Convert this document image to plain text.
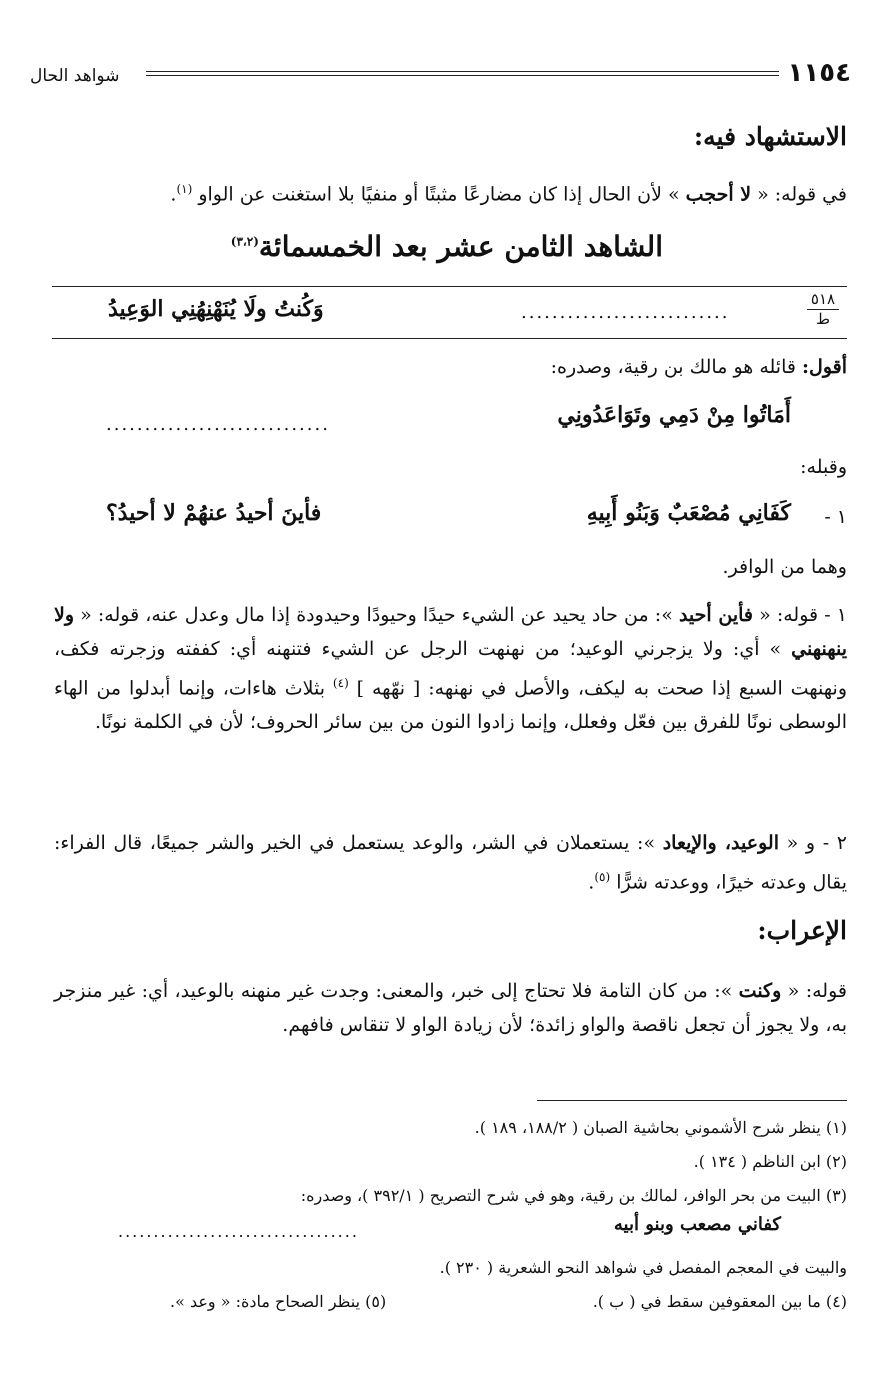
١١٥٤
شواهد الحال
الاستشهاد فيه:
في قوله: « لا أحجب » لأن الحال إذا كان مضارعًا مثبتًا أو منفيًا بلا استغنت عن الواو $^{(١)}$.
الشاهد الثامن عشر بعد الخمسمائة$^{(٣،٢)}$
٥١٨
ط
...........................
وَكُنتُ ولَا يُنَهْنِهُنِي الوَعِيدُ
أقول: قائله هو مالك بن رقية، وصدره:
أَمَاتُوا مِنْ دَمِي وتَوَاعَدُونِي
.............................
وقبله:
١ -
كَفَانِي مُصْعَبٌ وَبَنُو أَبِيهِ
فأينَ أحيدُ عنهُمْ لا أحيدُ؟
وهما من الوافر.
١ - قوله: « فأين أحيد »: من حاد يحيد عن الشيء حيدًا وحيودًا وحيدودة إذا مال وعدل عنه، قوله: « ولا ينهنهني » أي: ولا يزجرني الوعيد؛ من نهنهت الرجل عن الشيء فتنهنه أي: كففته وزجرته فكف، ونهنهت السبع إذا صحت به ليكف، والأصل في نهنهه: [ نهّهه ] $^{(٤)}$ بثلاث هاءات، وإنما أبدلوا من الهاء الوسطى نونًا للفرق بين فعّل وفعلل، وإنما زادوا النون من بين سائر الحروف؛ لأن في الكلمة نونًا.
٢ - و « الوعيد، والإيعاد »: يستعملان في الشر، والوعد يستعمل في الخير والشر جميعًا، قال الفراء: يقال وعدته خيرًا، ووعدته شرًّا $^{(٥)}$.
الإعراب:
قوله: « وكنت »: من كان التامة فلا تحتاج إلى خبر، والمعنى: وجدت غير منهنه بالوعيد، أي: غير منزجر به، ولا يجوز أن تجعل ناقصة والواو زائدة؛ لأن زيادة الواو لا تنقاس فافهم.
(١) ينظر شرح الأشموني بحاشية الصبان ( ١٨٨/٢، ١٨٩ ).
(٢) ابن الناظم ( ١٣٤ ).
(٣) البيت من بحر الوافر، لمالك بن رقية، وهو في شرح التصريح ( ٣٩٢/١ )، وصدره:
كفاني مصعب وبنو أبيه
..................................
والبيت في المعجم المفصل في شواهد النحو الشعرية ( ٢٣٠ ).
(٤) ما بين المعقوفين سقط في ( ب ).
(٥) ينظر الصحاح مادة: « وعد ».
